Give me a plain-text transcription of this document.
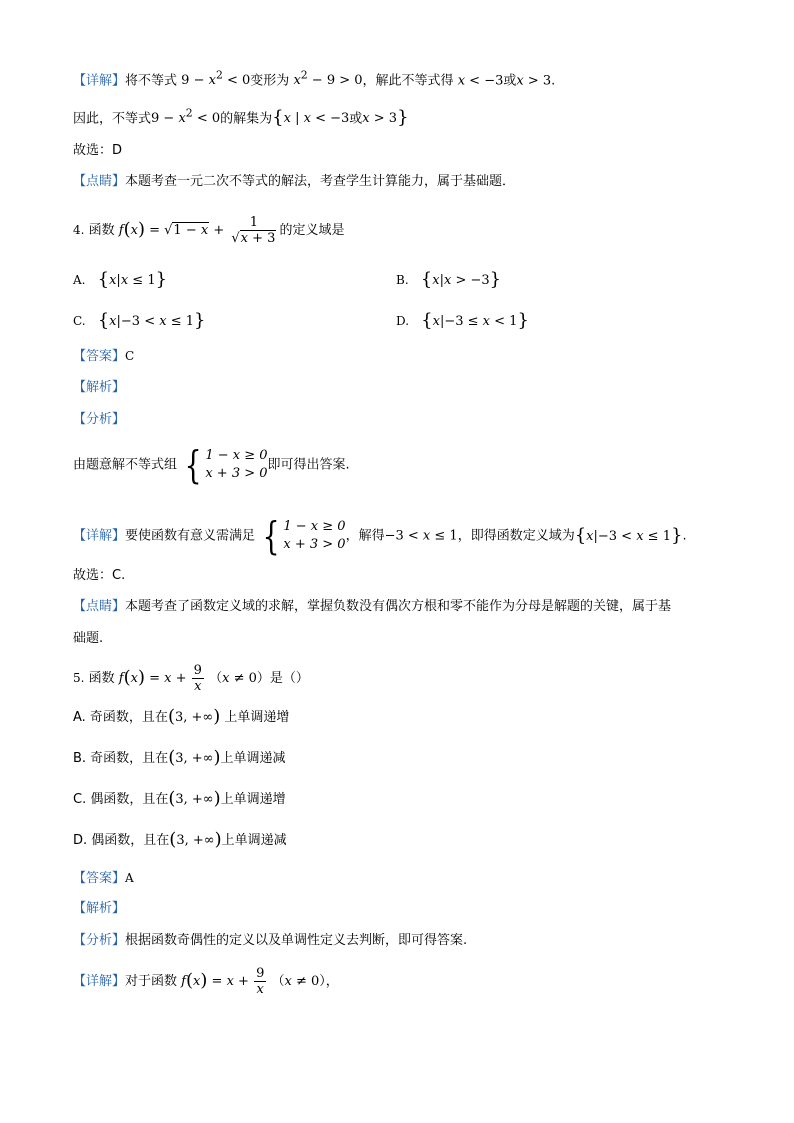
【详解】将不等式 $9 - x^2 < 0$变形为 $x^2 - 9 > 0$，解此不等式得 x < −3或x > 3.
因此，不等式$9 - x^2 < 0$的解集为{x | x < −3或x > 3}
故选：D
【点睛】本题考查一元二次不等式的解法，考查学生计算能力，属于基础题．
4. 函数 $f(x) = √1 - x + \frac{1}{√x + 3}$ 的定义域是
A. {x|x ≤ 1}	B. {x|x > −3}
C. {x|−3 < x ≤ 1}	D. {x|−3 ≤ x < 1}
【答案】C
【解析】
【分析】
由题意解不等式组 { 1 − x ≥ 0
x + 3 > 0
即可得出答案.
【详解】要使函数有意义需满足 { 1 − x ≥ 0
x + 3 > 0
，解得−3 < x ≤ 1，即得函数定义域为{x|−3 < x ≤ 1}.
故选：C.
【点睛】本题考查了函数定义域的求解，掌握负数没有偶次方根和零不能作为分母是解题的关键，属于基
础题.
5. 函数 $f(x) = x + \frac{9}{x} (x \ne 0)$是（）
A. 奇函数，且在(3, +∞) 上单调递增
B. 奇函数，且在(3, +∞)上单调递减
C. 偶函数，且在(3, +∞)上单调递增
D. 偶函数，且在(3, +∞)上单调递减
【答案】A
【解析】
【分析】根据函数奇偶性的定义以及单调性定义去判断，即可得答案.
【详解】对于函数 $f(x) = x + \frac{9}{x} (x \ne 0)$，
